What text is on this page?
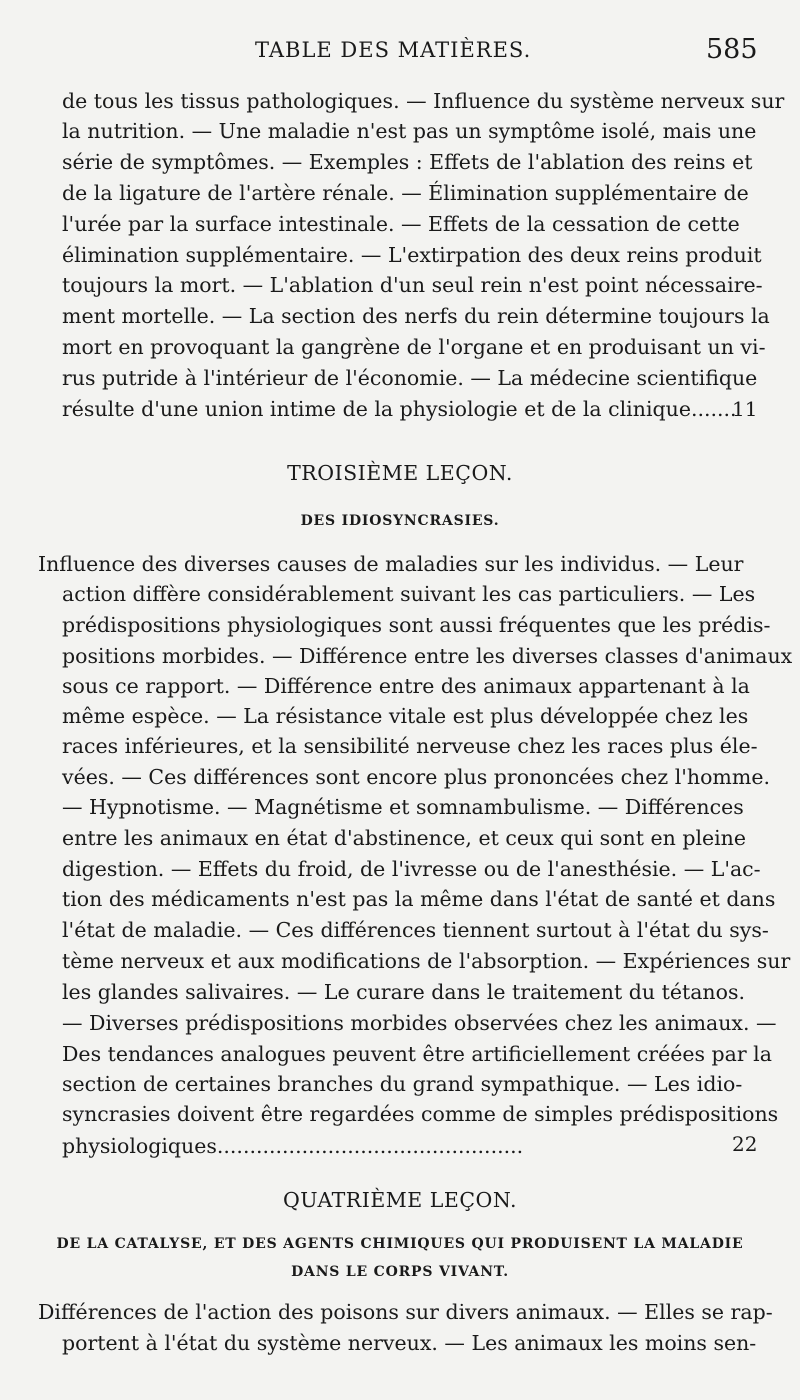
TABLE DES MATIÈRES.	585
de tous les tissus pathologiques. — Influence du système nerveux sur
la nutrition. — Une maladie n'est pas un symptôme isolé, mais une
série de symptômes. — Exemples : Effets de l'ablation des reins et
de la ligature de l'artère rénale. — Élimination supplémentaire de
l'urée par la surface intestinale. — Effets de la cessation de cette
élimination supplémentaire. — L'extirpation des deux reins produit
toujours la mort. — L'ablation d'un seul rein n'est point nécessaire-
ment mortelle. — La section des nerfs du rein détermine toujours la
mort en provoquant la gangrène de l'organe et en produisant un vi-
rus putride à l'intérieur de l'économie. — La médecine scientifique
résulte d'une union intime de la physiologie et de la clinique.......
11
TROISIÈME LEÇON.
DES IDIOSYNCRASIES.
Influence des diverses causes de maladies sur les individus. — Leur
action diffère considérablement suivant les cas particuliers. — Les
prédispositions physiologiques sont aussi fréquentes que les prédis-
positions morbides. — Différence entre les diverses classes d'animaux
sous ce rapport. — Différence entre des animaux appartenant à la
même espèce. — La résistance vitale est plus développée chez les
races inférieures, et la sensibilité nerveuse chez les races plus éle-
vées. — Ces différences sont encore plus prononcées chez l'homme.
— Hypnotisme. — Magnétisme et somnambulisme. — Différences
entre les animaux en état d'abstinence, et ceux qui sont en pleine
digestion. — Effets du froid, de l'ivresse ou de l'anesthésie. — L'ac-
tion des médicaments n'est pas la même dans l'état de santé et dans
l'état de maladie. — Ces différences tiennent surtout à l'état du sys-
tème nerveux et aux modifications de l'absorption. — Expériences sur
les glandes salivaires. — Le curare dans le traitement du tétanos.
— Diverses prédispositions morbides observées chez les animaux. —
Des tendances analogues peuvent être artificiellement créées par la
section de certaines branches du grand sympathique. — Les idio-
syncrasies doivent être regardées comme de simples prédispositions
physiologiques...............................................	22
QUATRIÈME LEÇON.
DE LA CATALYSE, ET DES AGENTS CHIMIQUES QUI PRODUISENT LA MALADIE
DANS LE CORPS VIVANT.
Différences de l'action des poisons sur divers animaux. — Elles se rap-
portent à l'état du système nerveux. — Les animaux les moins sen-
